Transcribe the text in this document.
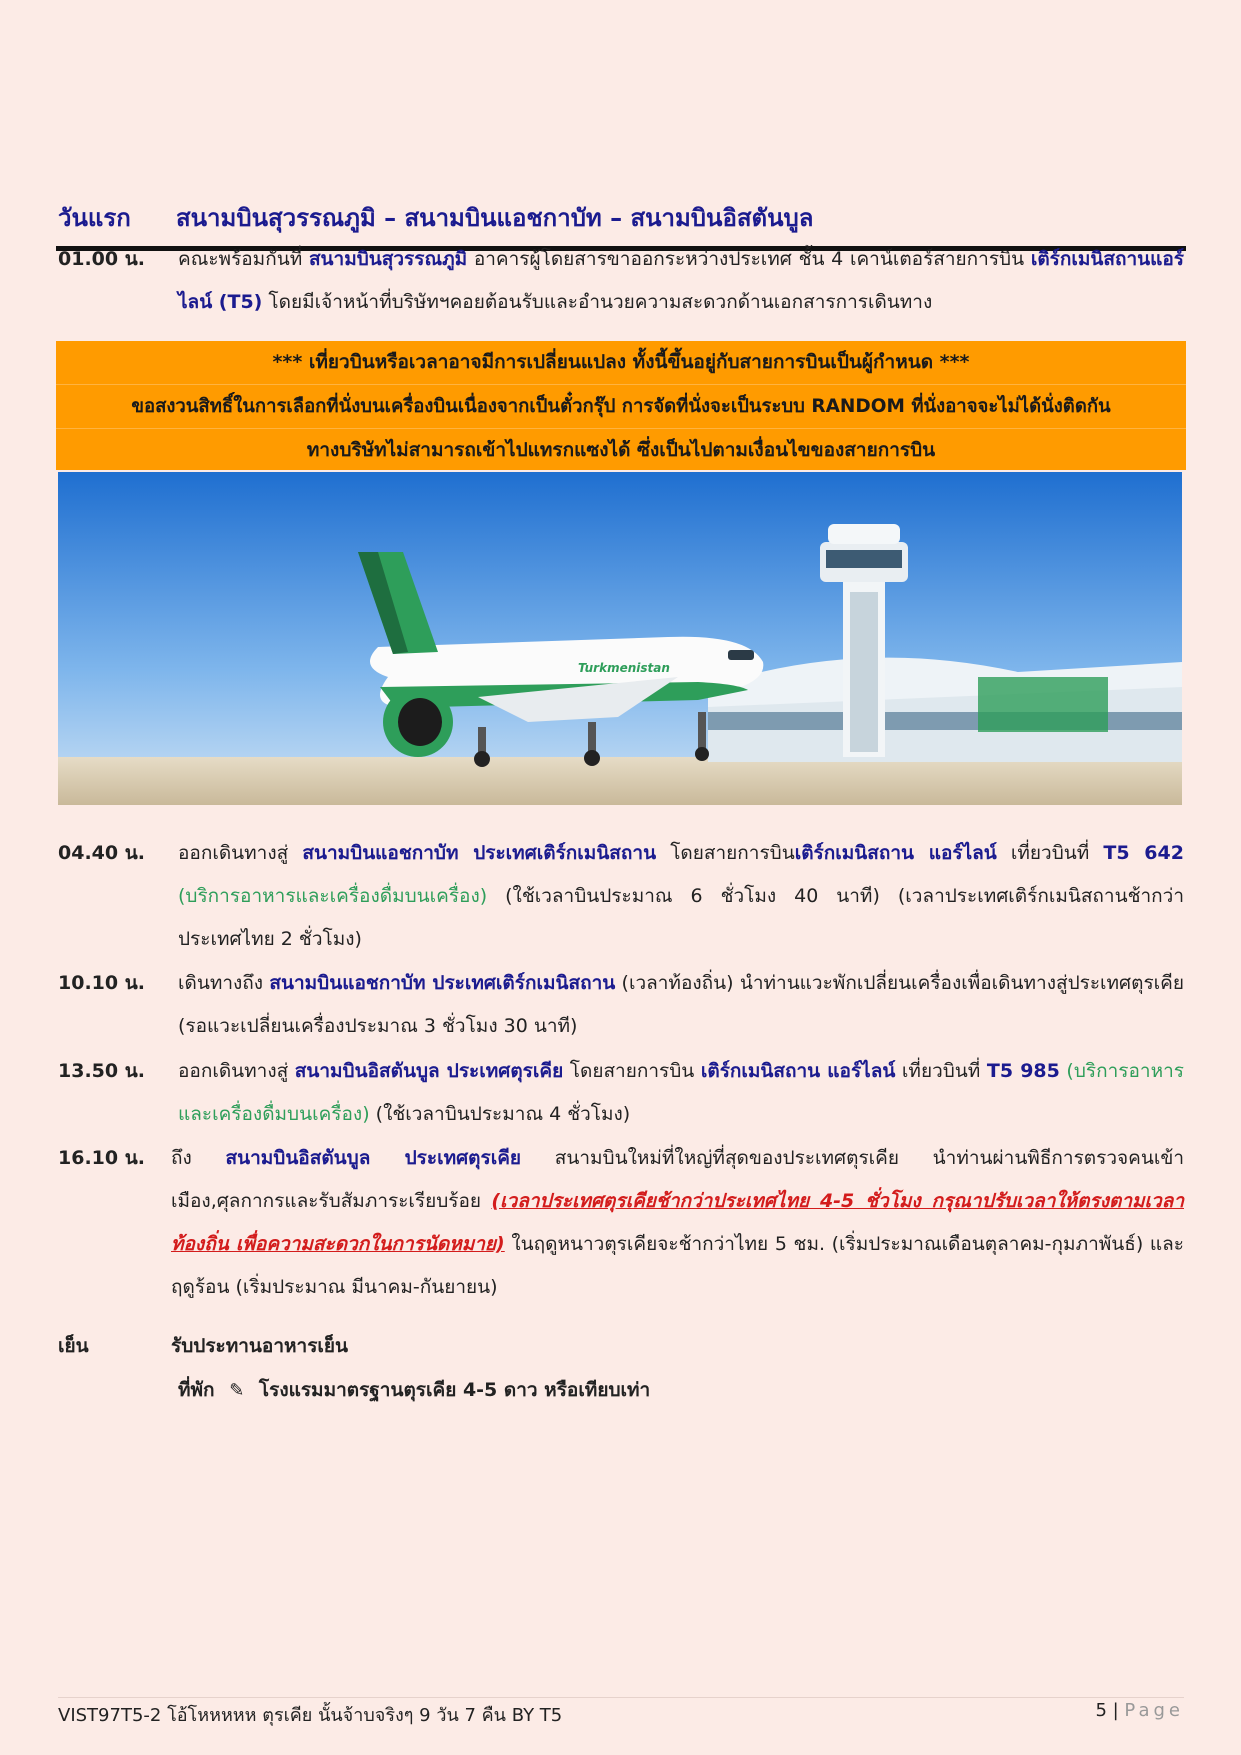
วันแรก สนามบินสุวรรณภูมิ – สนามบินแอชกาบัท – สนามบินอิสตันบูล
01.00 น. คณะพร้อมกันที่ สนามบินสุวรรณภูมิ อาคารผู้โดยสารขาออกระหว่างประเทศ ชั้น 4 เคาน์เตอร์สายการบิน เติร์กเมนิสถานแอร์ไลน์ (T5) โดยมีเจ้าหน้าที่บริษัทฯคอยต้อนรับและอำนวยความสะดวกด้านเอกสารการเดินทาง
*** เที่ยวบินหรือเวลาอาจมีการเปลี่ยนแปลง ทั้งนี้ขึ้นอยู่กับสายการบินเป็นผู้กำหนด ***
ขอสงวนสิทธิ์ในการเลือกที่นั่งบนเครื่องบินเนื่องจากเป็นตั๋วกรุ๊ป การจัดที่นั่งจะเป็นระบบ RANDOM ที่นั่งอาจจะไม่ได้นั่งติดกัน
ทางบริษัทไม่สามารถเข้าไปแทรกแซงได้ ซึ่งเป็นไปตามเงื่อนไขของสายการบิน
Turkmenistan
04.40 น. ออกเดินทางสู่ สนามบินแอชกาบัท ประเทศเติร์กเมนิสถาน โดยสายการบินเติร์กเมนิสถาน แอร์ไลน์ เที่ยวบินที่ T5 642 (บริการอาหารและเครื่องดื่มบนเครื่อง) (ใช้เวลาบินประมาณ 6 ชั่วโมง 40 นาที) (เวลาประเทศเติร์กเมนิสถานช้ากว่าประเทศไทย 2 ชั่วโมง)
10.10 น. เดินทางถึง สนามบินแอชกาบัท ประเทศเติร์กเมนิสถาน (เวลาท้องถิ่น) นำท่านแวะพักเปลี่ยนเครื่องเพื่อเดินทางสู่ประเทศตุรเคีย (รอแวะเปลี่ยนเครื่องประมาณ 3 ชั่วโมง 30 นาที)
13.50 น. ออกเดินทางสู่ สนามบินอิสตันบูล ประเทศตุรเคีย โดยสายการบิน เติร์กเมนิสถาน แอร์ไลน์ เที่ยวบินที่ T5 985 (บริการอาหารและเครื่องดื่มบนเครื่อง) (ใช้เวลาบินประมาณ 4 ชั่วโมง)
16.10 น. ถึง สนามบินอิสตันบูล ประเทศตุรเคีย สนามบินใหม่ที่ใหญ่ที่สุดของประเทศตุรเคีย นำท่านผ่านพิธีการตรวจคนเข้าเมือง,ศุลกากรและรับสัมภาระเรียบร้อย (เวลาประเทศตุรเคียช้ากว่าประเทศไทย 4-5 ชั่วโมง กรุณาปรับเวลาให้ตรงตามเวลาท้องถิ่น เพื่อความสะดวกในการนัดหมาย) ในฤดูหนาวตุรเคียจะช้ากว่าไทย 5 ชม. (เริ่มประมาณเดือนตุลาคม-กุมภาพันธ์) และฤดูร้อน (เริ่มประมาณ มีนาคม-กันยายน)
เย็น	รับประทานอาหารเย็น
ที่พัก ✎ โรงแรมมาตรฐานตุรเคีย 4-5 ดาว หรือเทียบเท่า
VIST97T5-2 โอ้โหหหหห ตุรเคีย นั้นจ้าบจริงๆ 9 วัน 7 คืน BY T5	5 | Page
